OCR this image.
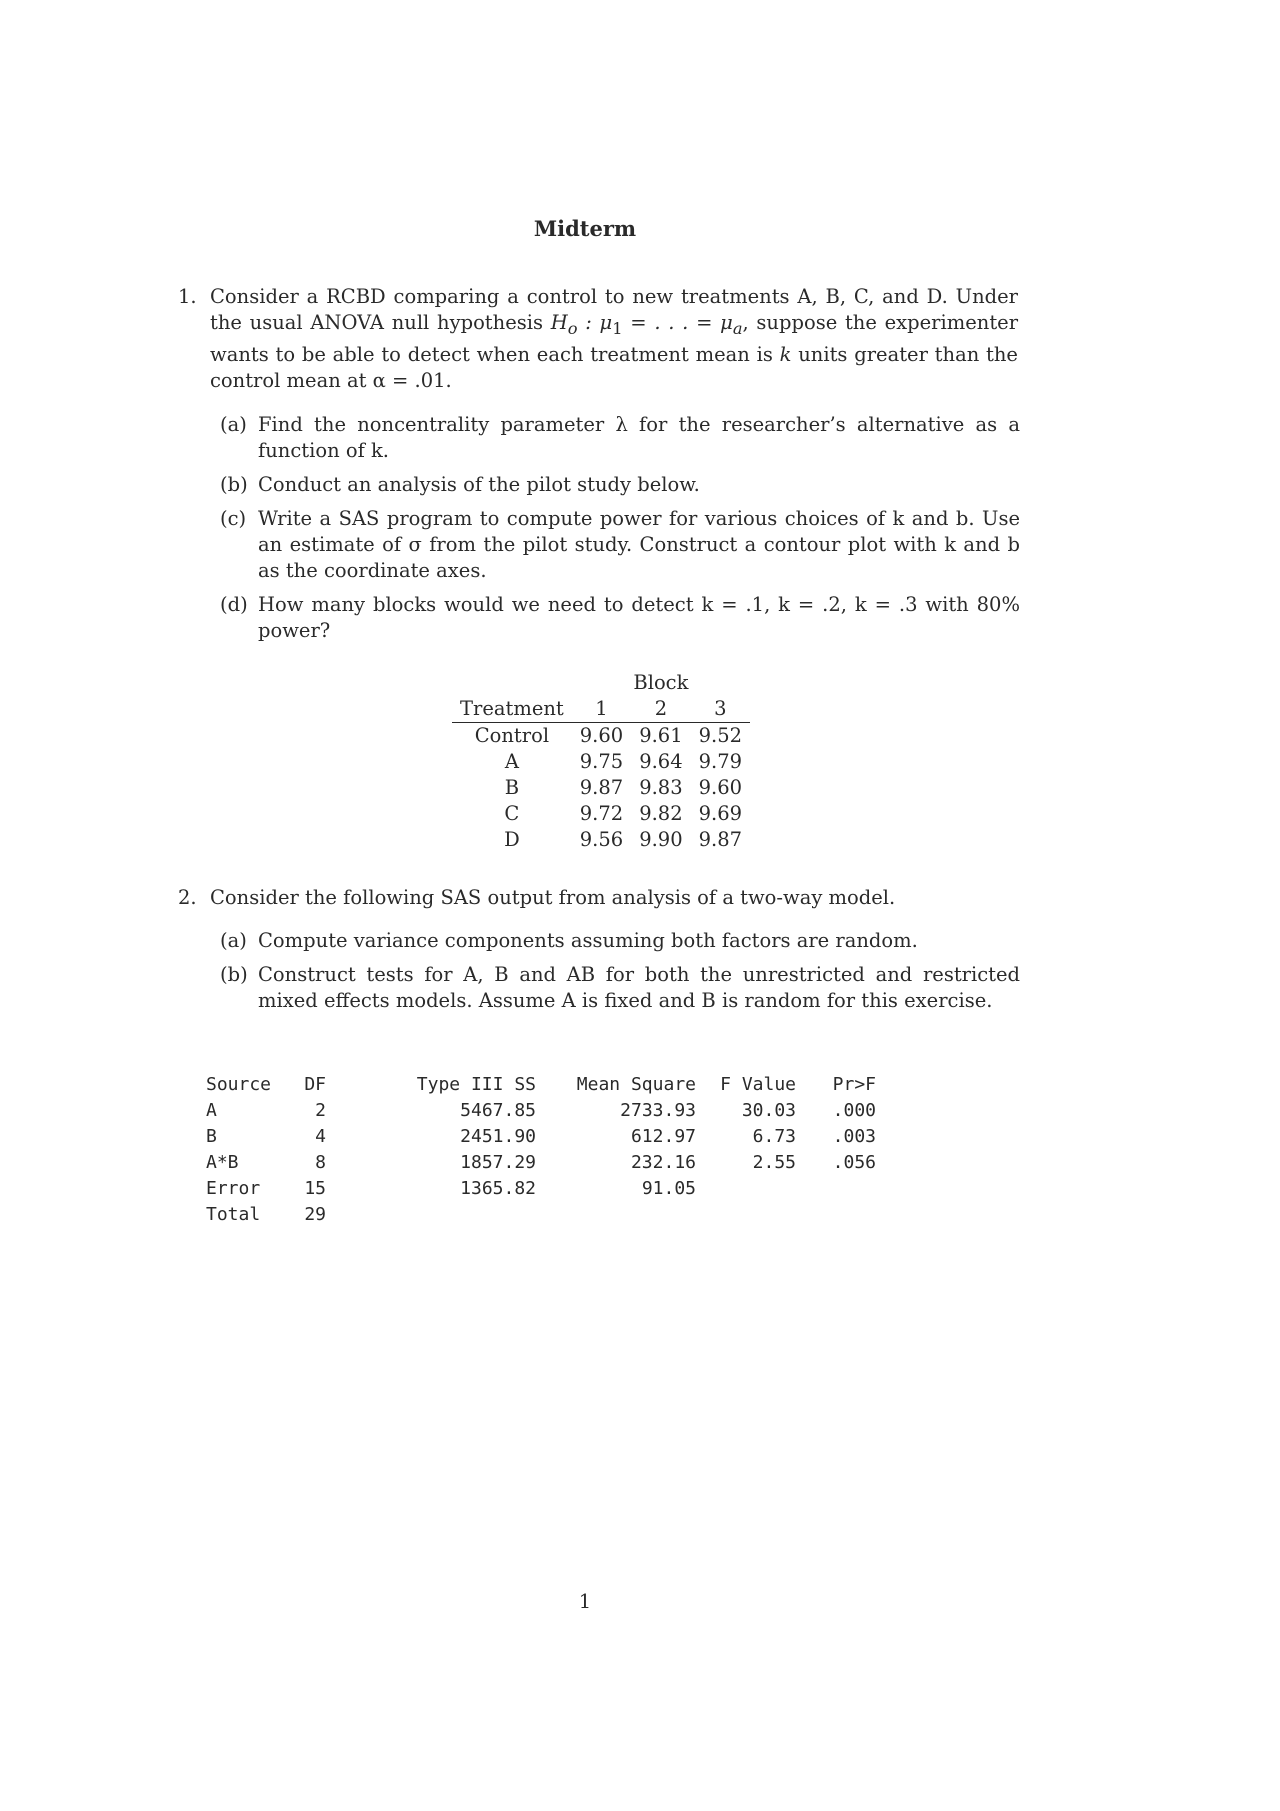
Midterm
1. Consider a RCBD comparing a control to new treatments A, B, C, and D. Under the usual ANOVA null hypothesis $H_o$ : $\mu_1$ = . . . = $\mu_a$, suppose the experimenter wants to be able to detect when each treatment mean is k units greater than the control mean at α = .01.
(a) Find the noncentrality parameter λ for the researcher’s alternative as a function of k.
(b) Conduct an analysis of the pilot study below.
(c) Write a SAS program to compute power for various choices of k and b. Use an estimate of σ from the pilot study. Construct a contour plot with k and b as the coordinate axes.
(d) How many blocks would we need to detect k = .1, k = .2, k = .3 with 80% power?
	Block		
Treatment	1	2	3
Control	9.60	9.61	9.52
A	9.75	9.64	9.79
B	9.87	9.83	9.60
C	9.72	9.82	9.69
D	9.56	9.90	9.87
2. Consider the following SAS output from analysis of a two-way model.
(a) Compute variance components assuming both factors are random.
(b) Construct tests for A, B and AB for both the unrestricted and restricted mixed effects models. Assume A is fixed and B is random for this exercise.
Source	DF	Type III SS	Mean Square	F Value	Pr>F
A	2	5467.85	2733.93	30.03	.000
B	4	2451.90	612.97	6.73	.003
A*B	8	1857.29	232.16	2.55	.056
Error	15	1365.82	91.05		
Total	29				
1
